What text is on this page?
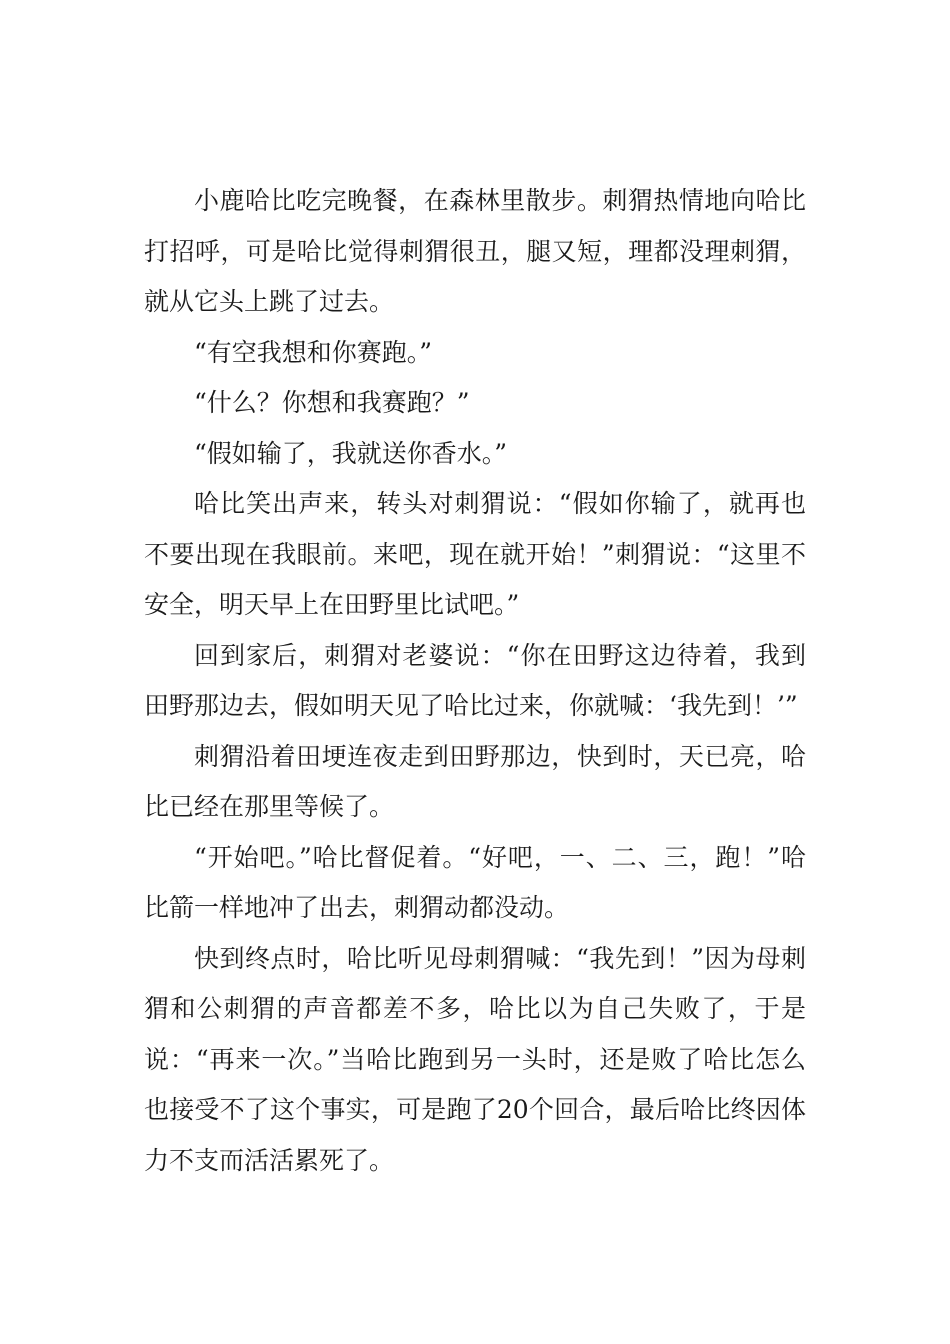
小鹿哈比吃完晚餐，在森林里散步。刺猬热情地向哈比打招呼，可是哈比觉得刺猬很丑，腿又短，理都没理刺猬，就从它头上跳了过去。

“有空我想和你赛跑。”

“什么？你想和我赛跑？”

“假如输了，我就送你香水。”

哈比笑出声来，转头对刺猬说：“假如你输了，就再也不要出现在我眼前。来吧，现在就开始！”刺猬说：“这里不安全，明天早上在田野里比试吧。”

回到家后，刺猬对老婆说：“你在田野这边待着，我到田野那边去，假如明天见了哈比过来，你就喊：‘我先到！’”

刺猬沿着田埂连夜走到田野那边，快到时，天已亮，哈比已经在那里等候了。

“开始吧。”哈比督促着。“好吧，一、二、三，跑！”哈比箭一样地冲了出去，刺猬动都没动。

快到终点时，哈比听见母刺猬喊：“我先到！”因为母刺猬和公刺猬的声音都差不多，哈比以为自己失败了，于是说：“再来一次。”当哈比跑到另一头时，还是败了哈比怎么也接受不了这个事实，可是跑了20个回合，最后哈比终因体力不支而活活累死了。
